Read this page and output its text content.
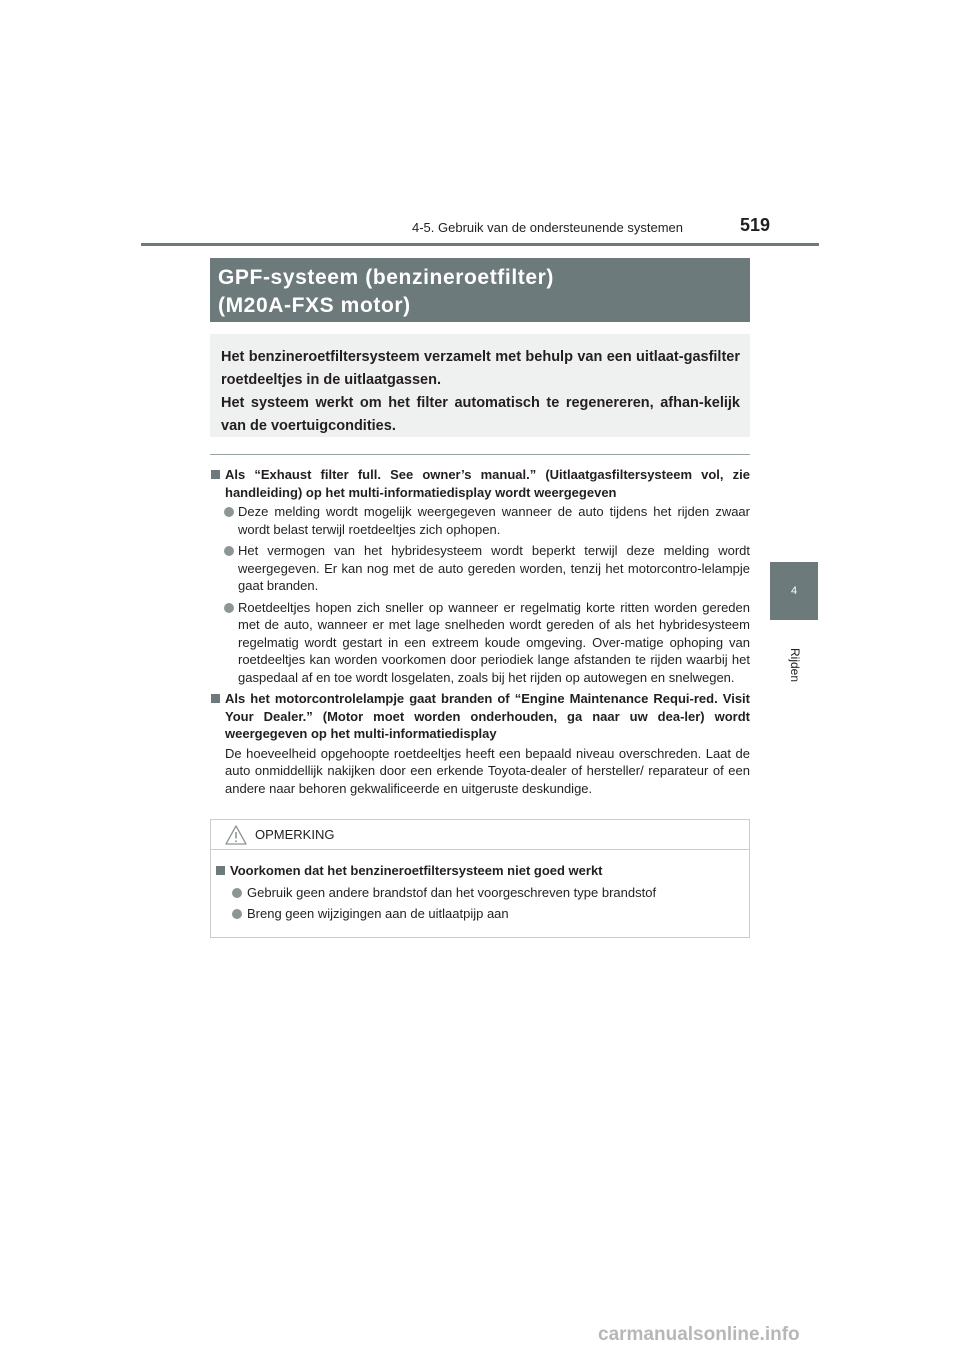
4-5. Gebruik van de ondersteunende systemen	519
4
Rijden
GPF-systeem (benzineroetfilter)
(M20A-FXS motor)

Het benzineroetfiltersysteem verzamelt met behulp van een uitlaat-gasfilter roetdeeltjes in de uitlaatgassen.

Het systeem werkt om het filter automatisch te regenereren, afhan-kelijk van de voertuigcondities.

Als “Exhaust filter full. See owner’s manual.” (Uitlaatgasfiltersysteem vol, zie handleiding) op het multi-informatiedisplay wordt weergegeven
Deze melding wordt mogelijk weergegeven wanneer de auto tijdens het rijden zwaar wordt belast terwijl roetdeeltjes zich ophopen.
Het vermogen van het hybridesysteem wordt beperkt terwijl deze melding wordt weergegeven. Er kan nog met de auto gereden worden, tenzij het motorcontro-lelampje gaat branden.
Roetdeeltjes hopen zich sneller op wanneer er regelmatig korte ritten worden gereden met de auto, wanneer er met lage snelheden wordt gereden of als het hybridesysteem regelmatig wordt gestart in een extreem koude omgeving. Over-matige ophoping van roetdeeltjes kan worden voorkomen door periodiek lange afstanden te rijden waarbij het gaspedaal af en toe wordt losgelaten, zoals bij het rijden op autowegen en snelwegen.
Als het motorcontrolelampje gaat branden of “Engine Maintenance Requi-red. Visit Your Dealer.” (Motor moet worden onderhouden, ga naar uw dea-ler) wordt weergegeven op het multi-informatiedisplay
De hoeveelheid opgehoopte roetdeeltjes heeft een bepaald niveau overschreden. Laat de auto onmiddellijk nakijken door een erkende Toyota-dealer of hersteller/ reparateur of een andere naar behoren gekwalificeerde en uitgeruste deskundige.
OPMERKING
Voorkomen dat het benzineroetfiltersysteem niet goed werkt
Gebruik geen andere brandstof dan het voorgeschreven type brandstof
Breng geen wijzigingen aan de uitlaatpijp aan
carmanualsonline.info
